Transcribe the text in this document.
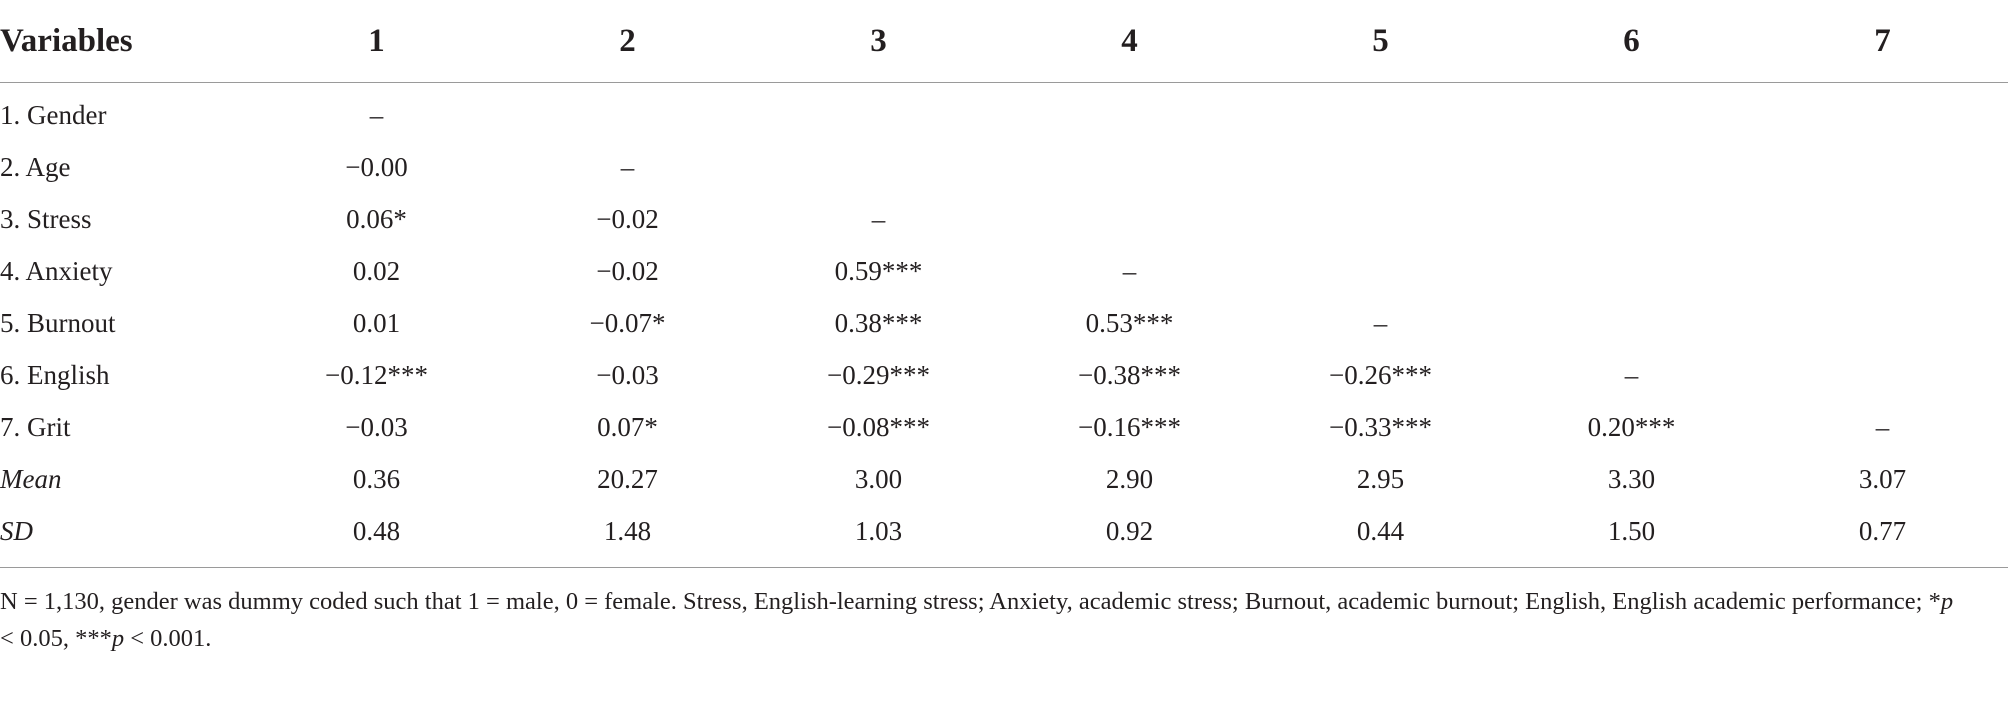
Variables	1	2	3	4	5	6	7
1. Gender	–						
2. Age	−0.00	–					
3. Stress	0.06*	−0.02	–				
4. Anxiety	0.02	−0.02	0.59***	–			
5. Burnout	0.01	−0.07*	0.38***	0.53***	–		
6. English	−0.12***	−0.03	−0.29***	−0.38***	−0.26***	–	
7. Grit	−0.03	0.07*	−0.08***	−0.16***	−0.33***	0.20***	–
Mean	0.36	20.27	3.00	2.90	2.95	3.30	3.07
SD	0.48	1.48	1.03	0.92	0.44	1.50	0.77
N = 1,130, gender was dummy coded such that 1 = male, 0 = female. Stress, English-learning stress; Anxiety, academic stress; Burnout, academic burnout; English, English academic performance; *p < 0.05, ***p < 0.001.
